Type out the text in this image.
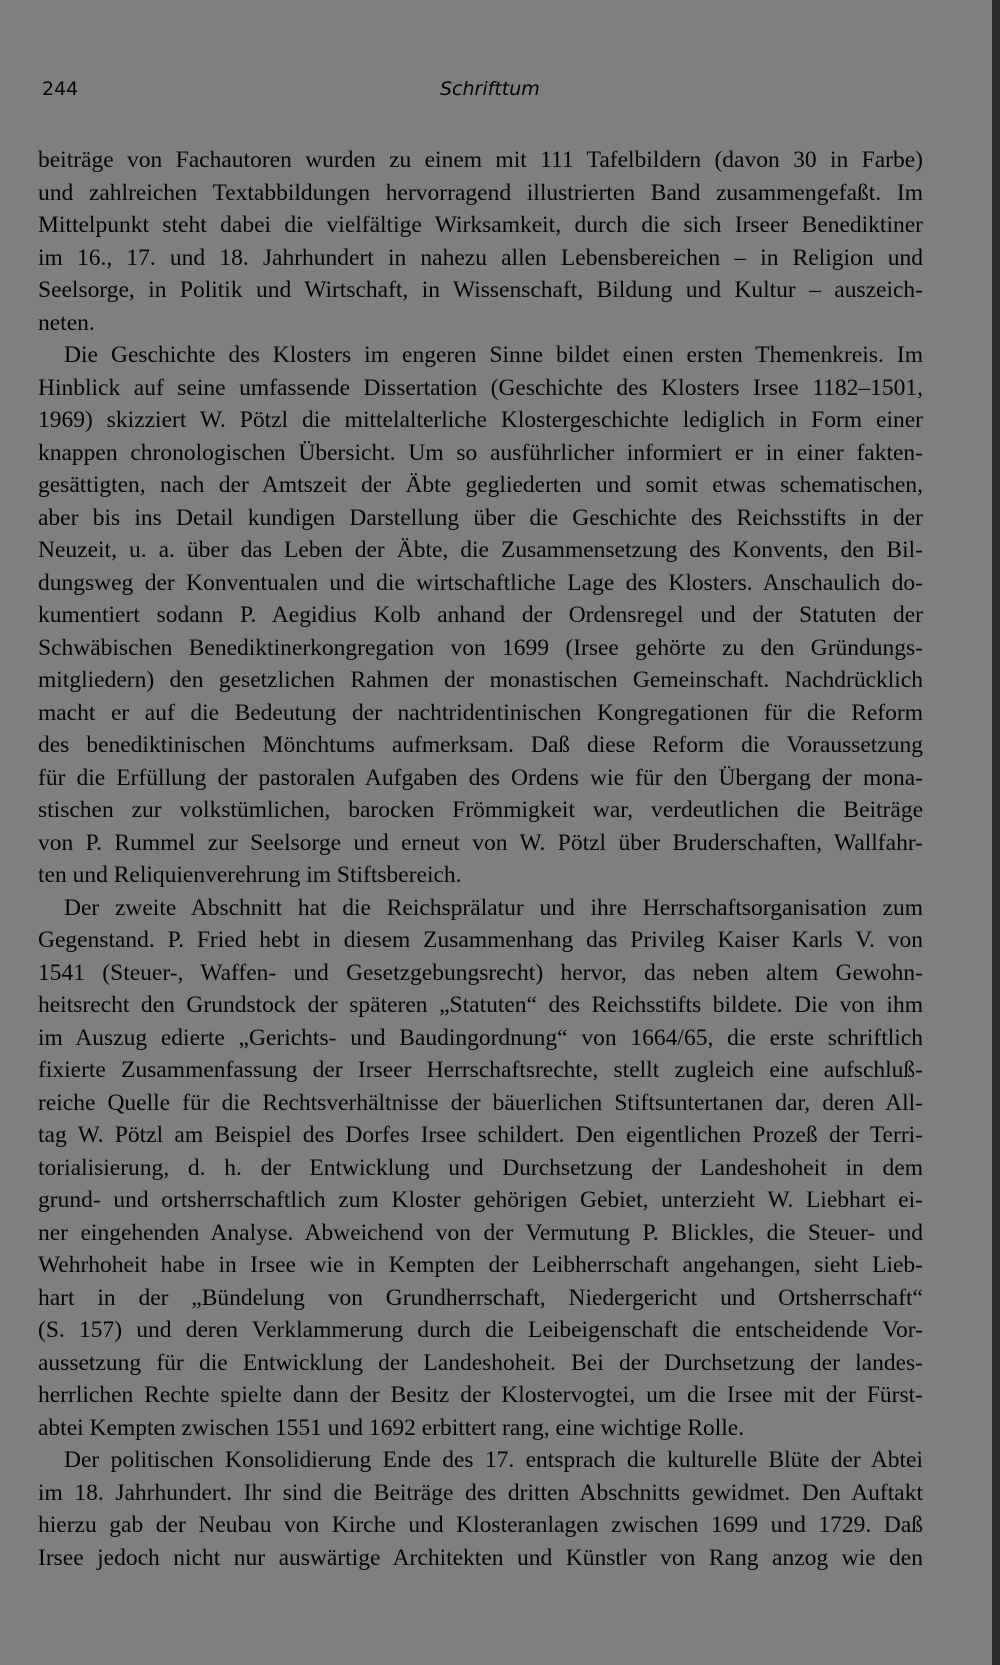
244	Schrifttum
beiträge von Fachautoren wurden zu einem mit 111 Tafelbildern (davon 30 in Farbe)
und zahlreichen Textabbildungen hervorragend illustrierten Band zusammengefaßt. Im
Mittelpunkt steht dabei die vielfältige Wirksamkeit, durch die sich Irseer Benediktiner
im 16., 17. und 18. Jahrhundert in nahezu allen Lebensbereichen – in Religion und
Seelsorge, in Politik und Wirtschaft, in Wissenschaft, Bildung und Kultur – auszeich-
neten.
Die Geschichte des Klosters im engeren Sinne bildet einen ersten Themenkreis. Im
Hinblick auf seine umfassende Dissertation (Geschichte des Klosters Irsee 1182–1501,
1969) skizziert W. Pötzl die mittelalterliche Klostergeschichte lediglich in Form einer
knappen chronologischen Übersicht. Um so ausführlicher informiert er in einer fakten-
gesättigten, nach der Amtszeit der Äbte gegliederten und somit etwas schematischen,
aber bis ins Detail kundigen Darstellung über die Geschichte des Reichsstifts in der
Neuzeit, u. a. über das Leben der Äbte, die Zusammensetzung des Konvents, den Bil-
dungsweg der Konventualen und die wirtschaftliche Lage des Klosters. Anschaulich do-
kumentiert sodann P. Aegidius Kolb anhand der Ordensregel und der Statuten der
Schwäbischen Benediktinerkongregation von 1699 (Irsee gehörte zu den Gründungs-
mitgliedern) den gesetzlichen Rahmen der monastischen Gemeinschaft. Nachdrücklich
macht er auf die Bedeutung der nachtridentinischen Kongregationen für die Reform
des benediktinischen Mönchtums aufmerksam. Daß diese Reform die Voraussetzung
für die Erfüllung der pastoralen Aufgaben des Ordens wie für den Übergang der mona-
stischen zur volkstümlichen, barocken Frömmigkeit war, verdeutlichen die Beiträge
von P. Rummel zur Seelsorge und erneut von W. Pötzl über Bruderschaften, Wallfahr-
ten und Reliquienverehrung im Stiftsbereich.
Der zweite Abschnitt hat die Reichsprälatur und ihre Herrschaftsorganisation zum
Gegenstand. P. Fried hebt in diesem Zusammenhang das Privileg Kaiser Karls V. von
1541 (Steuer-, Waffen- und Gesetzgebungsrecht) hervor, das neben altem Gewohn-
heitsrecht den Grundstock der späteren „Statuten“ des Reichsstifts bildete. Die von ihm
im Auszug edierte „Gerichts- und Baudingordnung“ von 1664/65, die erste schriftlich
fixierte Zusammenfassung der Irseer Herrschaftsrechte, stellt zugleich eine aufschluß-
reiche Quelle für die Rechtsverhältnisse der bäuerlichen Stiftsuntertanen dar, deren All-
tag W. Pötzl am Beispiel des Dorfes Irsee schildert. Den eigentlichen Prozeß der Terri-
torialisierung, d. h. der Entwicklung und Durchsetzung der Landeshoheit in dem
grund- und ortsherrschaftlich zum Kloster gehörigen Gebiet, unterzieht W. Liebhart ei-
ner eingehenden Analyse. Abweichend von der Vermutung P. Blickles, die Steuer- und
Wehrhoheit habe in Irsee wie in Kempten der Leibherrschaft angehangen, sieht Lieb-
hart in der „Bündelung von Grundherrschaft, Niedergericht und Ortsherrschaft“
(S. 157) und deren Verklammerung durch die Leibeigenschaft die entscheidende Vor-
aussetzung für die Entwicklung der Landeshoheit. Bei der Durchsetzung der landes-
herrlichen Rechte spielte dann der Besitz der Klostervogtei, um die Irsee mit der Fürst-
abtei Kempten zwischen 1551 und 1692 erbittert rang, eine wichtige Rolle.
Der politischen Konsolidierung Ende des 17. entsprach die kulturelle Blüte der Abtei
im 18. Jahrhundert. Ihr sind die Beiträge des dritten Abschnitts gewidmet. Den Auftakt
hierzu gab der Neubau von Kirche und Klosteranlagen zwischen 1699 und 1729. Daß
Irsee jedoch nicht nur auswärtige Architekten und Künstler von Rang anzog wie den
